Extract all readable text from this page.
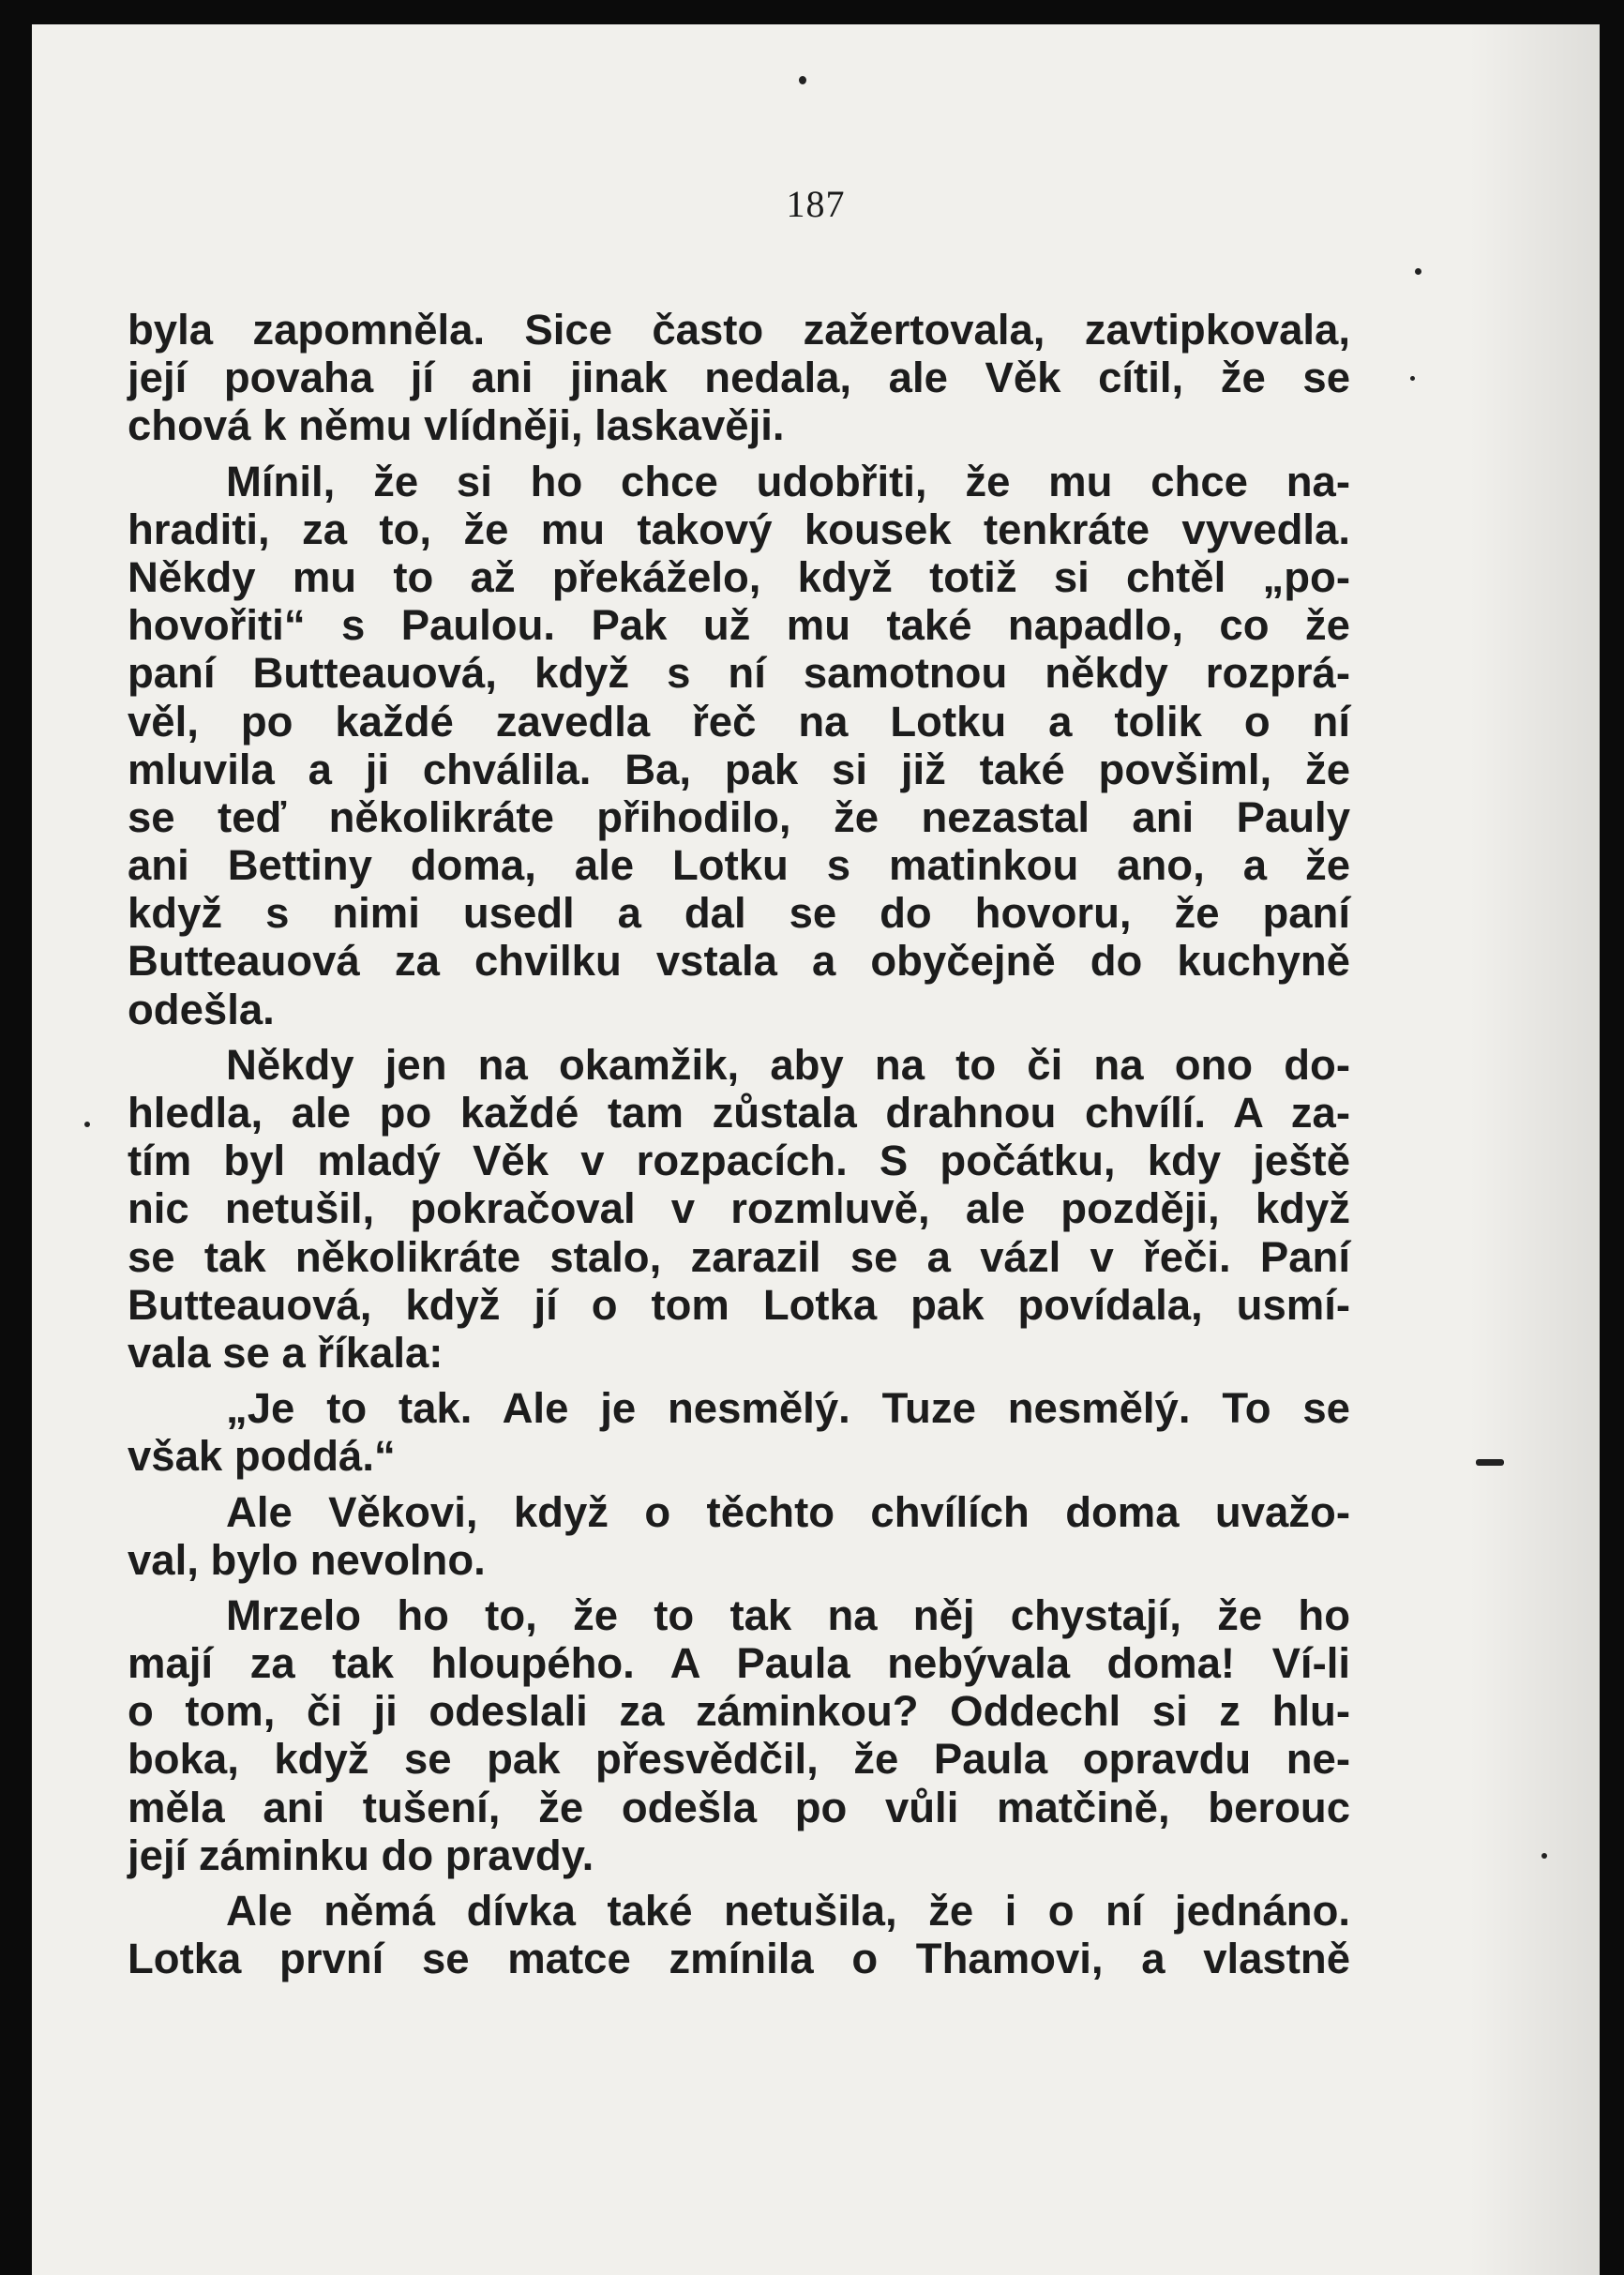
187
byla zapomněla. Sice často zažertovala, zavtipkovala,
její povaha jí ani jinak nedala, ale Věk cítil, že se
chová k němu vlídněji, laskavěji.
Mínil, že si ho chce udobřiti, že mu chce na-
hraditi, za to, že mu takový kousek tenkráte vyvedla.
Někdy mu to až překáželo, když totiž si chtěl „po-
hovořiti“ s Paulou. Pak už mu také napadlo, co že
paní Butteauová, když s ní samotnou někdy rozprá-
věl, po každé zavedla řeč na Lotku a tolik o ní
mluvila a ji chválila. Ba, pak si již také povšiml, že
se teď několikráte přihodilo, že nezastal ani Pauly
ani Bettiny doma, ale Lotku s matinkou ano, a že
když s nimi usedl a dal se do hovoru, že paní
Butteauová za chvilku vstala a obyčejně do kuchyně
odešla.
Někdy jen na okamžik, aby na to či na ono do-
hledla, ale po každé tam zůstala drahnou chvílí. A za-
tím byl mladý Věk v rozpacích. S počátku, kdy ještě
nic netušil, pokračoval v rozmluvě, ale později, když
se tak několikráte stalo, zarazil se a vázl v řeči. Paní
Butteauová, když jí o tom Lotka pak povídala, usmí-
vala se a říkala:
„Je to tak. Ale je nesmělý. Tuze nesmělý. To se
však poddá.“
Ale Věkovi, když o těchto chvílích doma uvažo-
val, bylo nevolno.
Mrzelo ho to, že to tak na něj chystají, že ho
mají za tak hloupého. A Paula nebývala doma! Ví-li
o tom, či ji odeslali za záminkou? Oddechl si z hlu-
boka, když se pak přesvědčil, že Paula opravdu ne-
měla ani tušení, že odešla po vůli matčině, berouc
její záminku do pravdy.
Ale němá dívka také netušila, že i o ní jednáno.
Lotka první se matce zmínila o Thamovi, a vlastně
